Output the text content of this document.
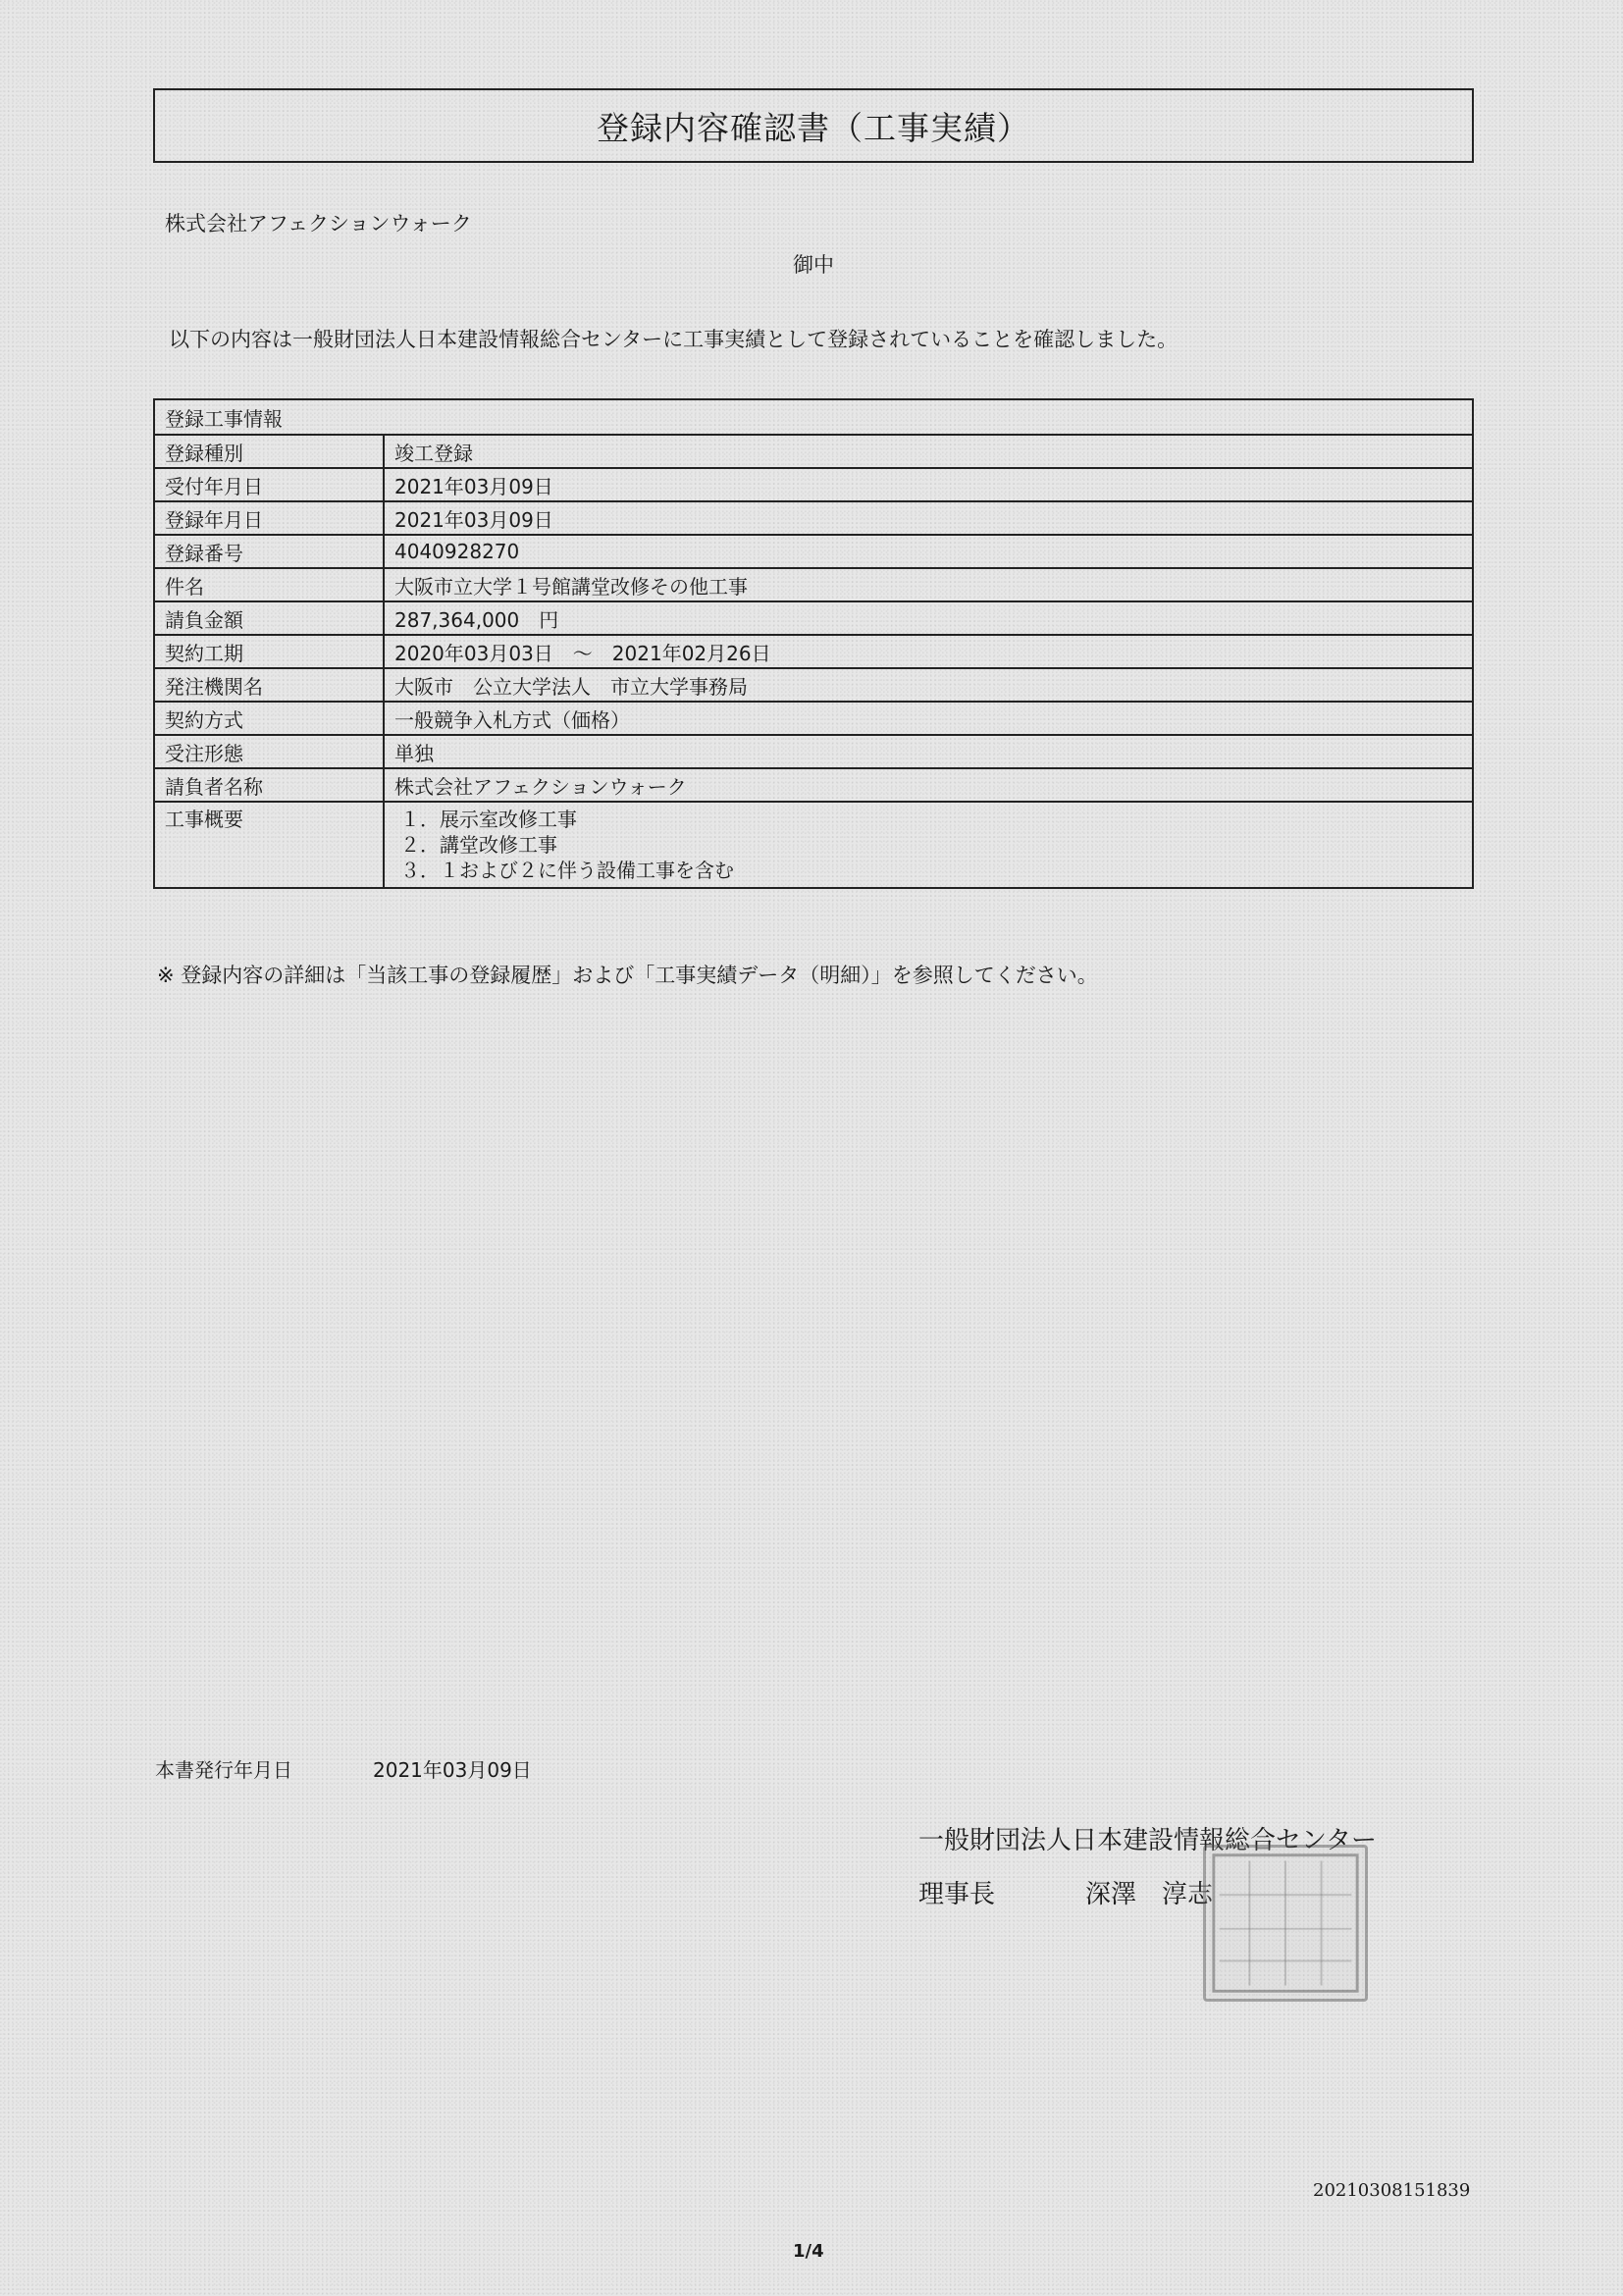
登録内容確認書（工事実績）
株式会社アフェクションウォーク
御中
以下の内容は一般財団法人日本建設情報総合センターに工事実績として登録されていることを確認しました。
登録工事情報	
登録種別	竣工登録
受付年月日	2021年03月09日
登録年月日	2021年03月09日
登録番号	4040928270
件名	大阪市立大学１号館講堂改修その他工事
請負金額	287,364,000　円
契約工期	2020年03月03日　～　2021年02月26日
発注機関名	大阪市　公立大学法人　市立大学事務局
契約方式	一般競争入札方式（価格）
受注形態	単独
請負者名称	株式会社アフェクションウォーク
工事概要	１．展示室改修工事
２．講堂改修工事
３．１および２に伴う設備工事を含む
※ 登録内容の詳細は「当該工事の登録履歴」および「工事実績データ（明細）」を参照してください。
本書発行年月日	2021年03月09日
一般財団法人日本建設情報総合センター
理事長	深澤　淳志
20210308151839
1/4
